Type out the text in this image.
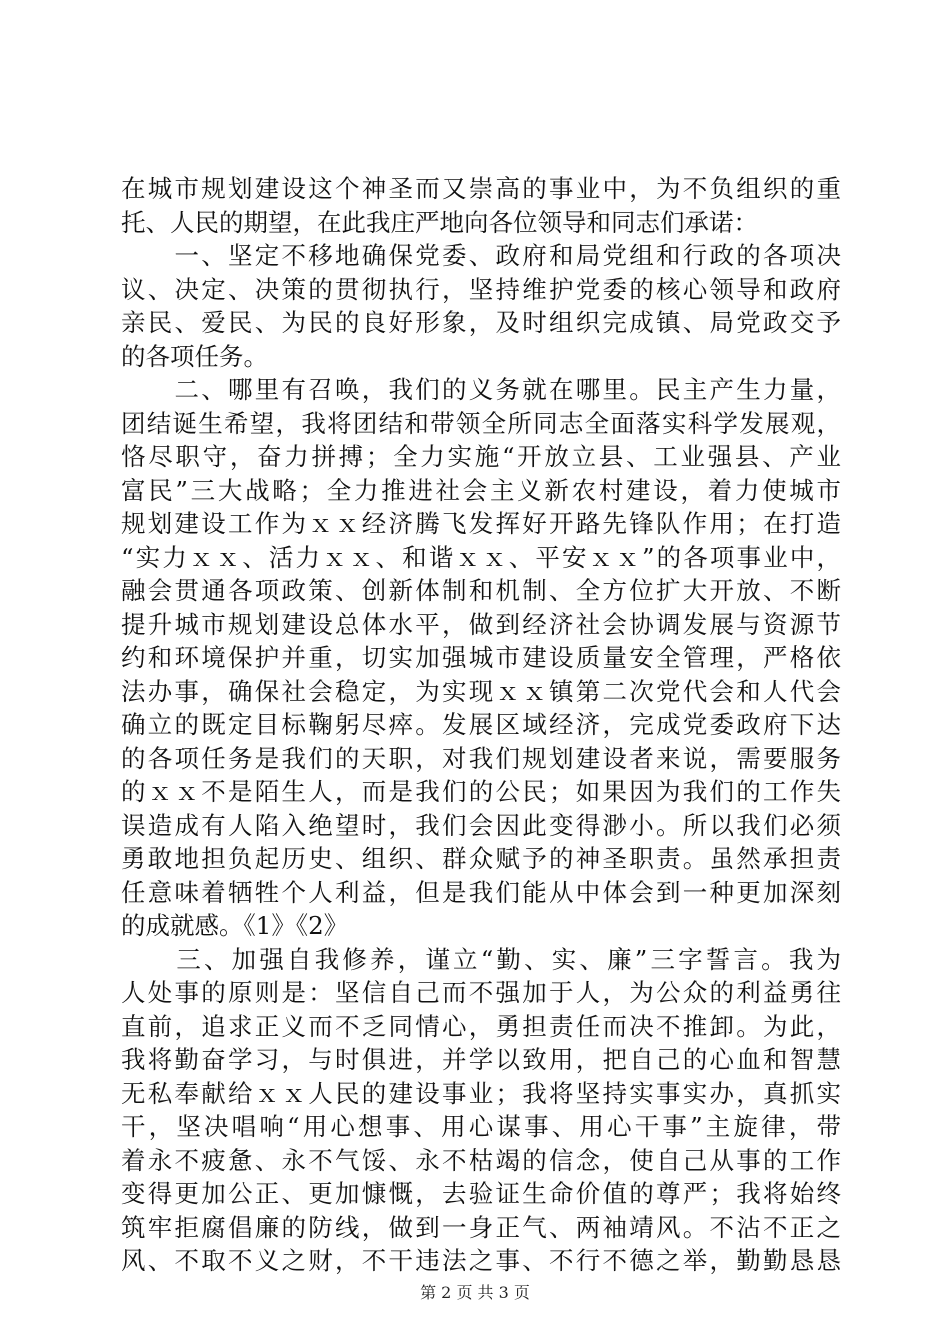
在城市规划建设这个神圣而又崇高的事业中，为不负组织的重
托、人民的期望，在此我庄严地向各位领导和同志们承诺：
　　一、坚定不移地确保党委、政府和局党组和行政的各项决
议、决定、决策的贯彻执行，坚持维护党委的核心领导和政府
亲民、爱民、为民的良好形象，及时组织完成镇、局党政交予
的各项任务。
　　二、哪里有召唤，我们的义务就在哪里。民主产生力量，
团结诞生希望，我将团结和带领全所同志全面落实科学发展观，
恪尽职守，奋力拼搏；全力实施“开放立县、工业强县、产业
富民”三大战略；全力推进社会主义新农村建设，着力使城市
规划建设工作为ｘｘ经济腾飞发挥好开路先锋队作用；在打造
“实力ｘｘ、活力ｘｘ、和谐ｘｘ、平安ｘｘ”的各项事业中，
融会贯通各项政策、创新体制和机制、全方位扩大开放、不断
提升城市规划建设总体水平，做到经济社会协调发展与资源节
约和环境保护并重，切实加强城市建设质量安全管理，严格依
法办事，确保社会稳定，为实现ｘｘ镇第二次党代会和人代会
确立的既定目标鞠躬尽瘁。发展区域经济，完成党委政府下达
的各项任务是我们的天职，对我们规划建设者来说，需要服务
的ｘｘ不是陌生人，而是我们的公民；如果因为我们的工作失
误造成有人陷入绝望时，我们会因此变得渺小。所以我们必须
勇敢地担负起历史、组织、群众赋予的神圣职责。虽然承担责
任意味着牺牲个人利益，但是我们能从中体会到一种更加深刻
的成就感。《1》《2》
　　三、加强自我修养，谨立“勤、实、廉”三字誓言。我为
人处事的原则是：坚信自己而不强加于人，为公众的利益勇往
直前，追求正义而不乏同情心，勇担责任而决不推卸。为此，
我将勤奋学习，与时俱进，并学以致用，把自己的心血和智慧
无私奉献给ｘｘ人民的建设事业；我将坚持实事实办，真抓实
干，坚决唱响“用心想事、用心谋事、用心干事”主旋律，带
着永不疲惫、永不气馁、永不枯竭的信念，使自己从事的工作
变得更加公正、更加慷慨，去验证生命价值的尊严；我将始终
筑牢拒腐倡廉的防线，做到一身正气、两袖靖风。不沾不正之
风、不取不义之财，不干违法之事、不行不德之举，勤勤恳恳
第 2 页 共 3 页
